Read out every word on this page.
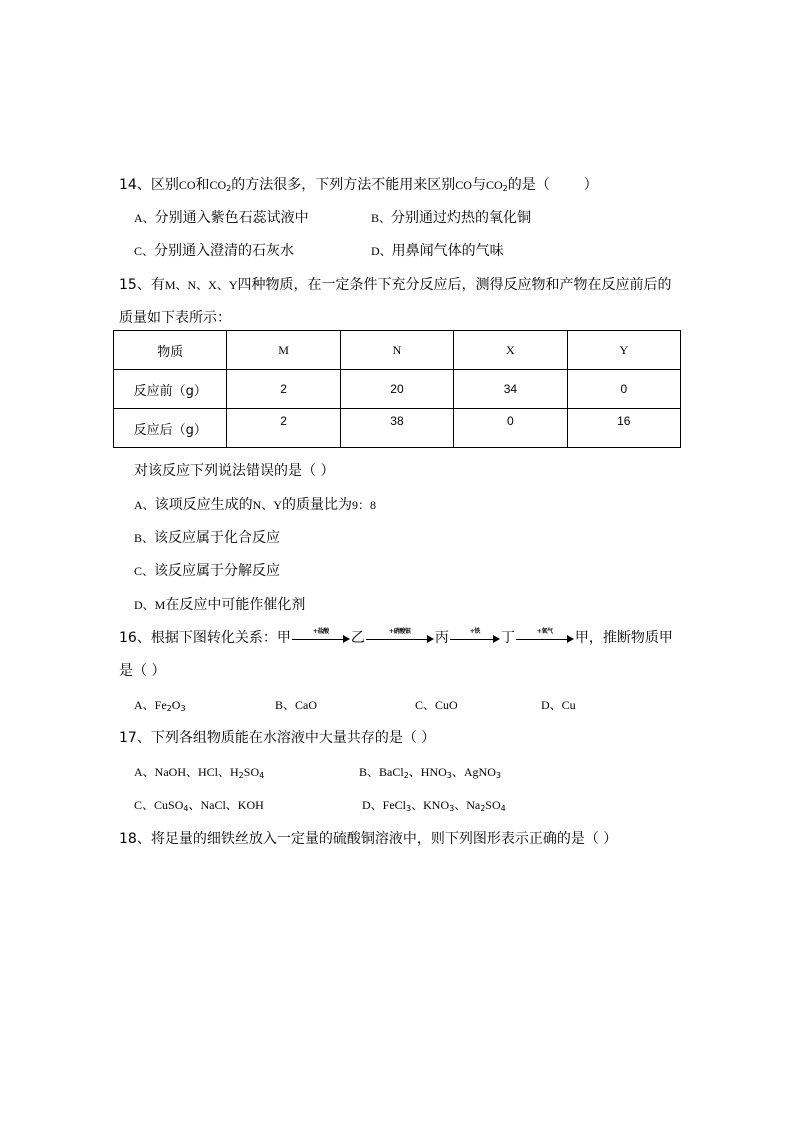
14、区别CO和$CO_2$的方法很多，下列方法不能用来区别CO与$CO_2$的是（ ）
A、分别通入紫色石蕊试液中	B、分别通过灼热的氧化铜
C、分别通入澄清的石灰水	D、用鼻闻气体的气味
15、有M、N、X、Y四种物质，在一定条件下充分反应后，测得反应物和产物在反应前后的
质量如下表所示：
物质	M	N	X	Y
反应前（g）	2	20	34	0
反应后（g）	2	38	0	16
对该反应下列说法错误的是（ ）
A、该项反应生成的N、Y的质量比为9：8
B、该反应属于化合反应
C、该反应属于分解反应
D、M在反应中可能作催化剂
16、根据下图转化关系：甲	+盐酸	乙	+硝酸银	丙	+铁	丁	+氧气	甲，推断物质甲
是（ ）
A、$Fe_2O_3$	B、CaO	C、CuO	D、Cu
17、下列各组物质能在水溶液中大量共存的是（ ）
A、NaOH、HCl、$H_2SO_4$	B、BaCl$_2$、$HNO_3$、AgNO$_3$
C、CuSO$_4$、NaCl、KOH	D、FeCl$_3$、$KNO_3$、$Na_2SO_4$
18、将足量的细铁丝放入一定量的硫酸铜溶液中，则下列图形表示正确的是（ ）
